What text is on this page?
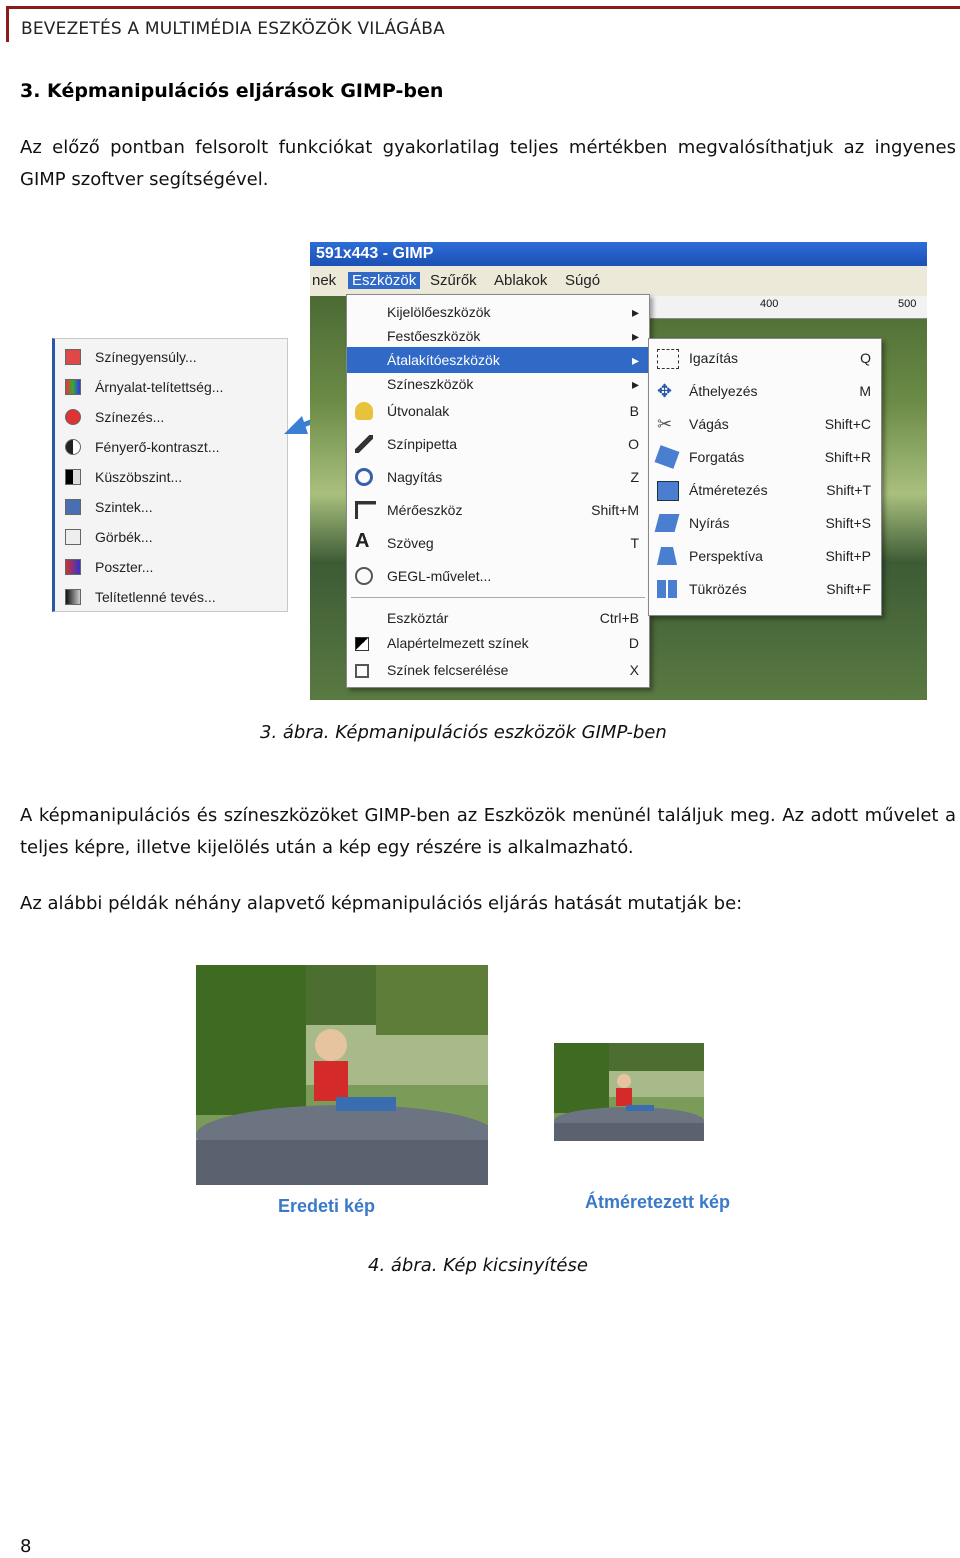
BEVEZETÉS A MULTIMÉDIA ESZKÖZÖK VILÁGÁBA
3. Képmanipulációs eljárások GIMP-ben
Az előző pontban felsorolt funkciókat gyakorlatilag teljes mértékben megvalósíthatjuk az ingyenes GIMP szoftver segítségével.
Színegyensúly...
Árnyalat-telítettség...
Színezés...
Fényerő-kontraszt...
Küszöbszint...
Szintek...
Görbék...
Poszter...
Telítetlenné tevés...
591x443 - GIMP
nek Eszközök Szűrők Ablakok Súgó
400	500
Kijelölőeszközök	▸
Festőeszközök	▸
Átalakítóeszközök	▸
Színeszközök	▸
Útvonalak	B
Színpipetta	O
Nagyítás	Z
Mérőeszköz	Shift+M
A Szöveg	T
GEGL-művelet...
Eszköztár	Ctrl+B
Alapértelmezett színek	D
Színek felcserélése	X
Igazítás	Q
✥	Áthelyezés	M
✂	Vágás	Shift+C
Forgatás	Shift+R
Átméretezés	Shift+T
Nyírás	Shift+S
Perspektíva	Shift+P
Tükrözés	Shift+F
3. ábra. Képmanipulációs eszközök GIMP-ben
A képmanipulációs és színeszközöket GIMP-ben az Eszközök menünél találjuk meg. Az adott művelet a teljes képre, illetve kijelölés után a kép egy részére is alkalmazható.
Az alábbi példák néhány alapvető képmanipulációs eljárás hatását mutatják be:
Eredeti kép	Átméretezett kép
4. ábra. Kép kicsinyítése
8
